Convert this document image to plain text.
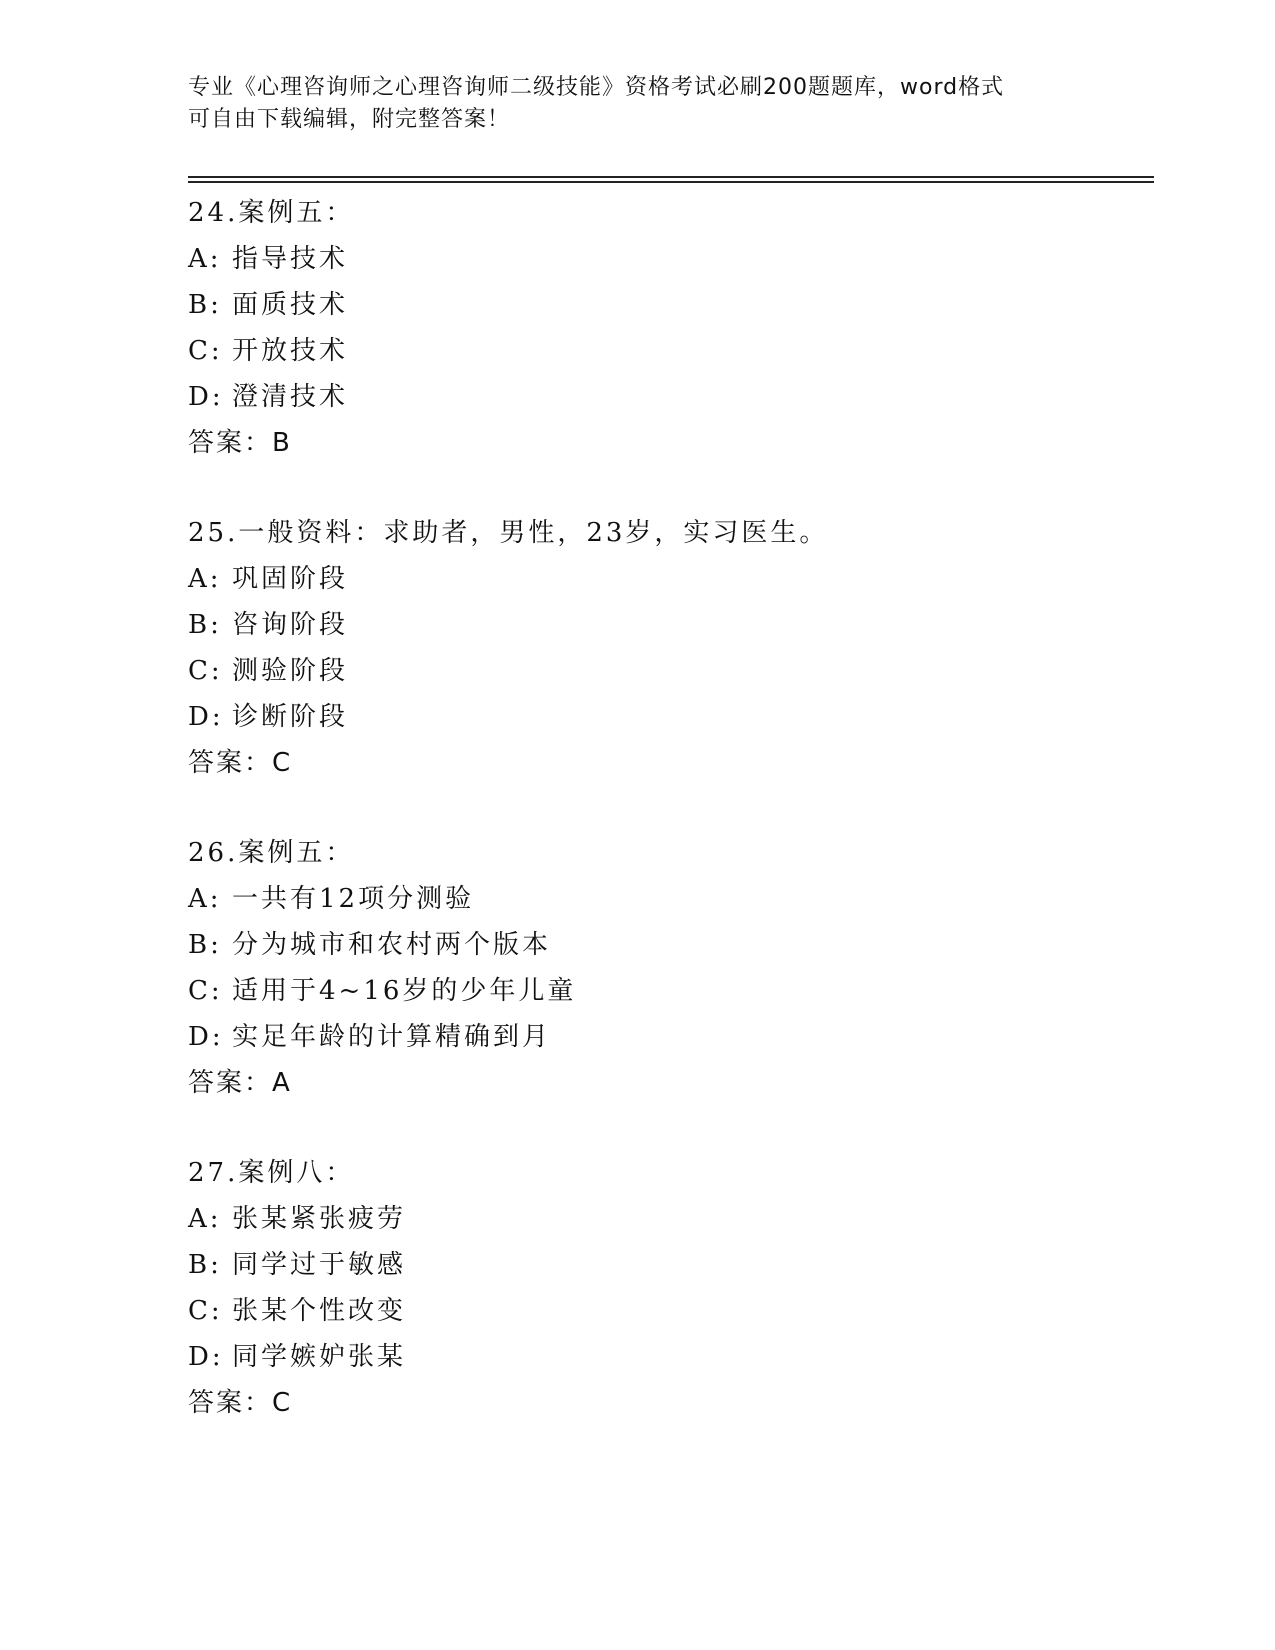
专业《心理咨询师之心理咨询师二级技能》资格考试必刷200题题库，word格式
可自由下载编辑，附完整答案！
24.案例五：
A: 指导技术
B: 面质技术
C: 开放技术
D: 澄清技术
答案：B
25.一般资料：求助者，男性，23岁，实习医生。
A: 巩固阶段
B: 咨询阶段
C: 测验阶段
D: 诊断阶段
答案：C
26.案例五：
A: 一共有12项分测验
B: 分为城市和农村两个版本
C: 适用于4~16岁的少年儿童
D: 实足年龄的计算精确到月
答案：A
27.案例八：
A: 张某紧张疲劳
B: 同学过于敏感
C: 张某个性改变
D: 同学嫉妒张某
答案：C
